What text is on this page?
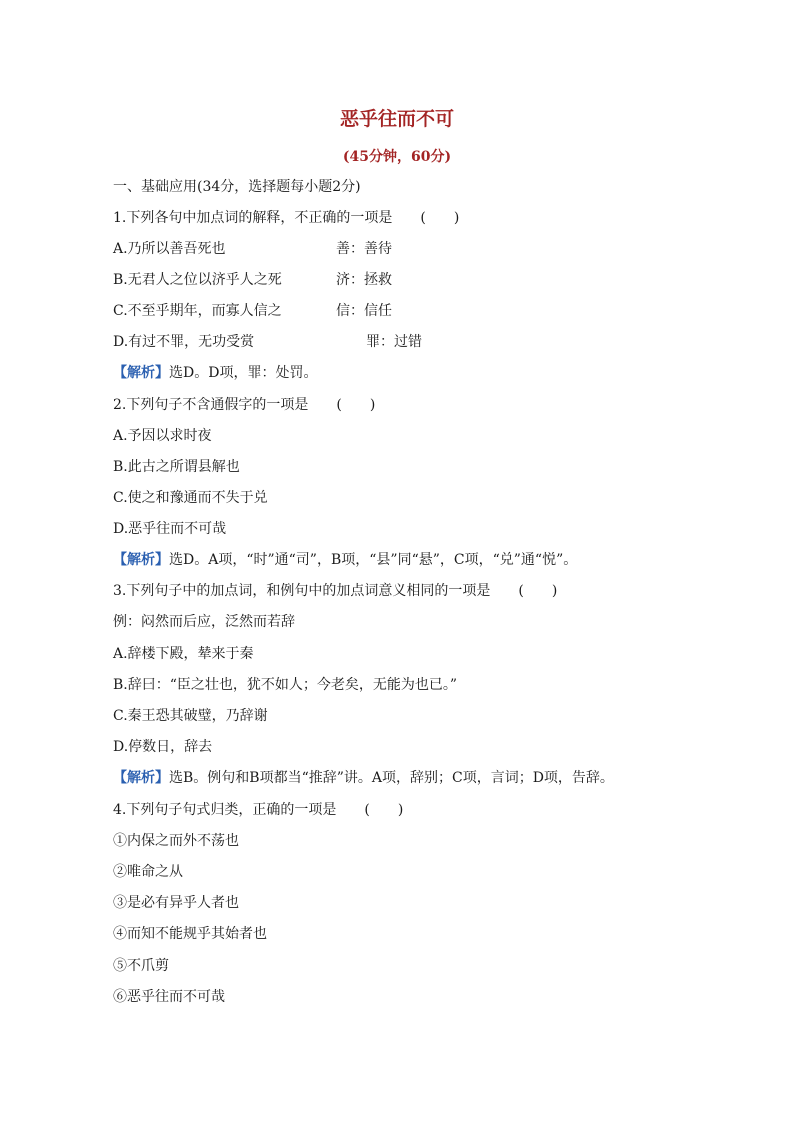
恶乎往而不可
(45分钟，60分)
一、基础应用(34分，选择题每小题2分)
1.下列各句中加点词的解释，不正确的一项是　　(　　)
A.乃所以善吾死也	善：善待
B.无君人之位以济乎人之死	济：拯救
C.不至乎期年，而寡人信之	信：信任
D.有过不罪，无功受赏	罪：过错
【解析】选D。D项，罪：处罚。
2.下列句子不含通假字的一项是　　(　　)
A.予因以求时夜
B.此古之所谓县解也
C.使之和豫通而不失于兑
D.恶乎往而不可哉
【解析】选D。A项，“时”通“司”，B项，“县”同“悬”，C项，“兑”通“悦”。
3.下列句子中的加点词，和例句中的加点词意义相同的一项是　　(　　)
例：闷然而后应，泛然而若辞
A.辞楼下殿，辇来于秦
B.辞曰：“臣之壮也，犹不如人；今老矣，无能为也已。”
C.秦王恐其破璧，乃辞谢
D.停数日，辞去
【解析】选B。例句和B项都当“推辞”讲。A项，辞别；C项，言词；D项，告辞。
4.下列句子句式归类，正确的一项是　　(　　)
①内保之而外不荡也
②唯命之从
③是必有异乎人者也
④而知不能规乎其始者也
⑤不爪剪
⑥恶乎往而不可哉
